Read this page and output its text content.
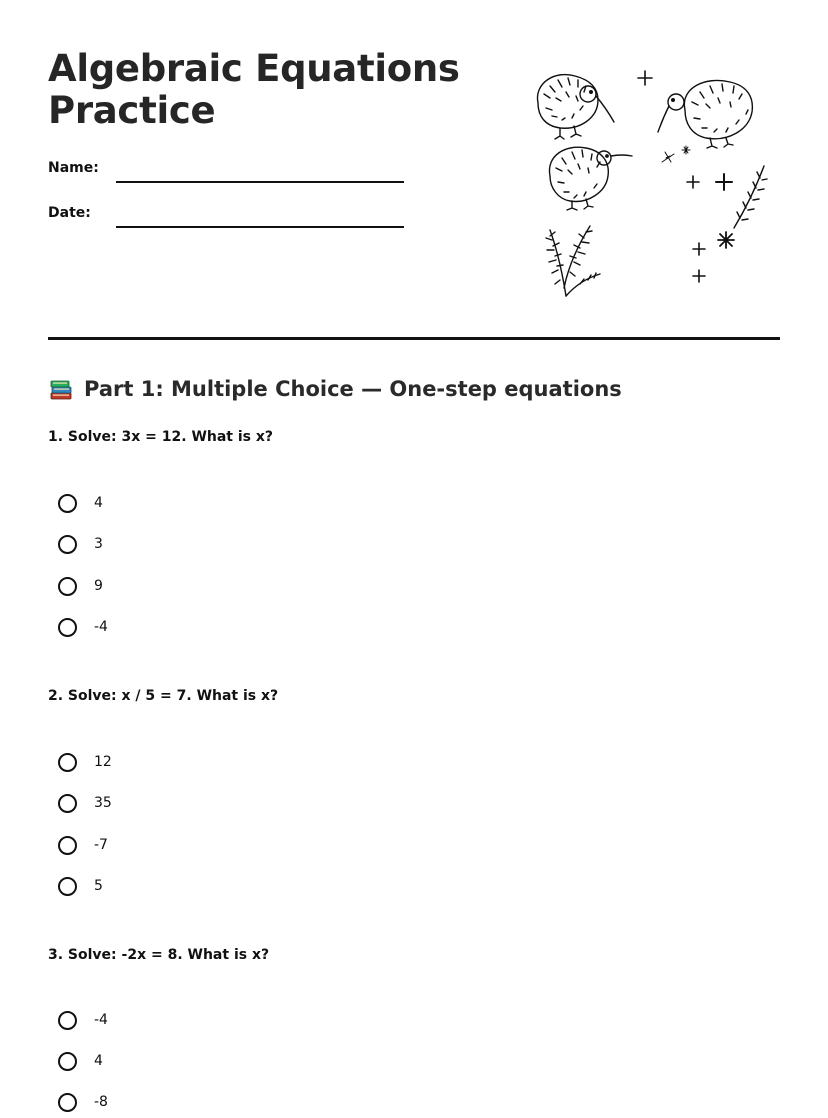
Algebraic Equations
Practice
Name:
Date:
Part 1: Multiple Choice — One-step equations
1. Solve: 3x = 12. What is x?
4
3
9
-4
2. Solve: x / 5 = 7. What is x?
12
35
-7
5
3. Solve: -2x = 8. What is x?
-4
4
-8
